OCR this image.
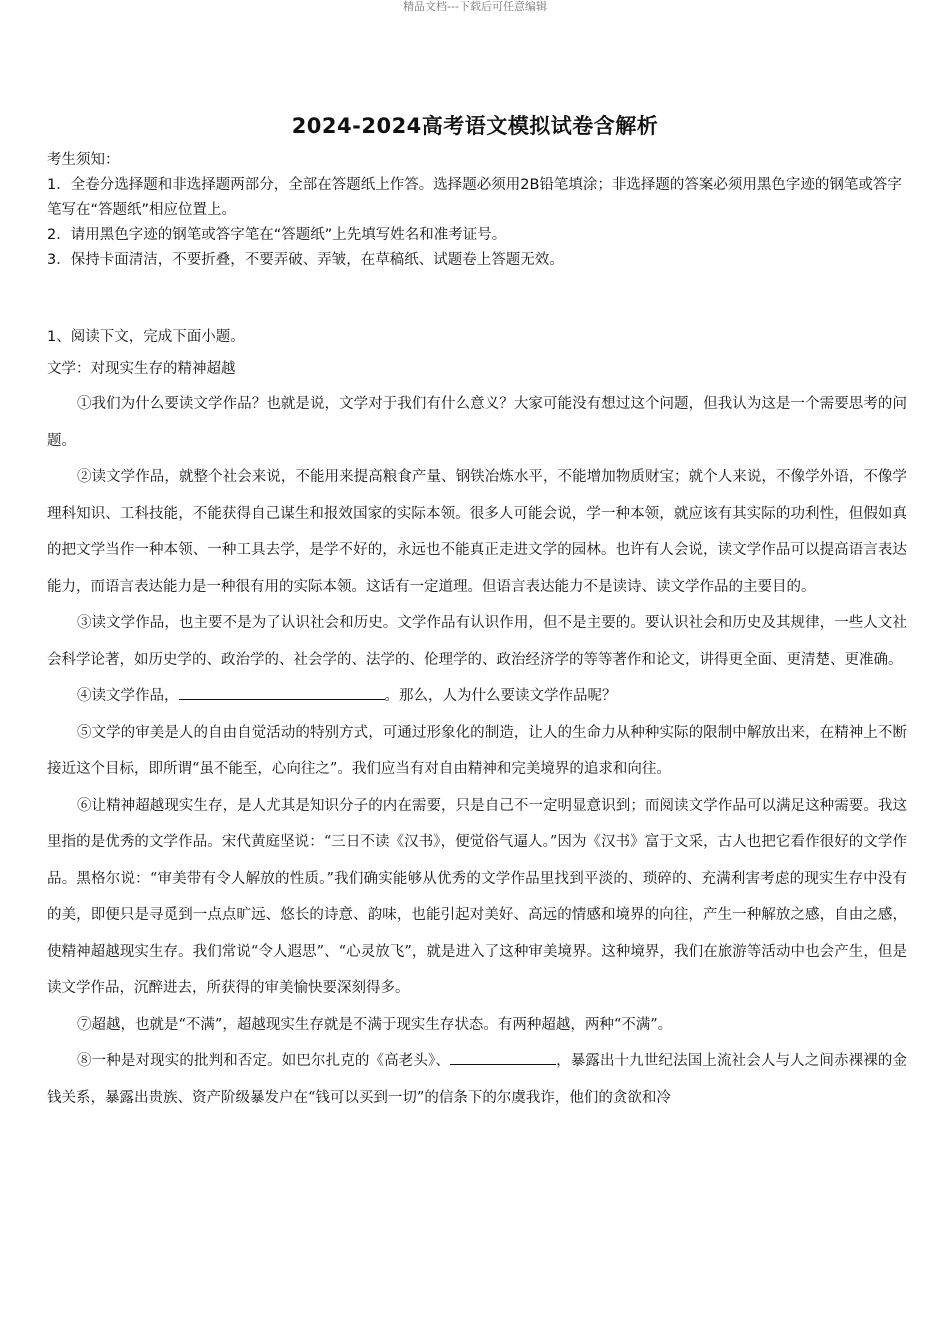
精品文档---下载后可任意编辑
2024-2024高考语文模拟试卷含解析

考生须知：

1．全卷分选择题和非选择题两部分，全部在答题纸上作答。选择题必须用2B铅笔填涂；非选择题的答案必须用黑色字迹的钢笔或答字笔写在“答题纸”相应位置上。

2．请用黑色字迹的钢笔或答字笔在“答题纸”上先填写姓名和准考证号。

3．保持卡面清洁，不要折叠，不要弄破、弄皱，在草稿纸、试题卷上答题无效。

1、阅读下文，完成下面小题。

文学：对现实生存的精神超越

①我们为什么要读文学作品？也就是说，文学对于我们有什么意义？大家可能没有想过这个问题，但我认为这是一个需要思考的问题。

②读文学作品，就整个社会来说，不能用来提高粮食产量、钢铁冶炼水平，不能增加物质财宝；就个人来说，不像学外语，不像学理科知识、工科技能，不能获得自己谋生和报效国家的实际本领。很多人可能会说，学一种本领，就应该有其实际的功利性，但假如真的把文学当作一种本领、一种工具去学，是学不好的，永远也不能真正走进文学的园林。也许有人会说，读文学作品可以提高语言表达能力，而语言表达能力是一种很有用的实际本领。这话有一定道理。但语言表达能力不是读诗、读文学作品的主要目的。

③读文学作品，也主要不是为了认识社会和历史。文学作品有认识作用，但不是主要的。要认识社会和历史及其规律，一些人文社会科学论著，如历史学的、政治学的、社会学的、法学的、伦理学的、政治经济学的等等著作和论文，讲得更全面、更清楚、更准确。

④读文学作品，	。那么，人为什么要读文学作品呢？

⑤文学的审美是人的自由自觉活动的特别方式，可通过形象化的制造，让人的生命力从种种实际的限制中解放出来，在精神上不断接近这个目标，即所谓“虽不能至，心向往之”。我们应当有对自由精神和完美境界的追求和向往。

⑥让精神超越现实生存，是人尤其是知识分子的内在需要，只是自己不一定明显意识到；而阅读文学作品可以满足这种需要。我这里指的是优秀的文学作品。宋代黄庭坚说：“三日不读《汉书》，便觉俗气逼人。”因为《汉书》富于文采，古人也把它看作很好的文学作品。黑格尔说：“审美带有令人解放的性质。”我们确实能够从优秀的文学作品里找到平淡的、琐碎的、充满利害考虑的现实生存中没有的美，即便只是寻觅到一点点旷远、悠长的诗意、韵味，也能引起对美好、高远的情感和境界的向往，产生一种解放之感，自由之感，使精神超越现实生存。我们常说“令人遐思”、“心灵放飞”，就是进入了这种审美境界。这种境界，我们在旅游等活动中也会产生，但是读文学作品，沉醉进去，所获得的审美愉快要深刻得多。

⑦超越，也就是“不满”，超越现实生存就是不满于现实生存状态。有两种超越，两种“不满”。

⑧一种是对现实的批判和否定。如巴尔扎克的《高老头》、	，暴露出十九世纪法国上流社会人与人之间赤裸裸的金钱关系，暴露出贵族、资产阶级暴发户在“钱可以买到一切”的信条下的尔虞我诈，他们的贪欲和冷
